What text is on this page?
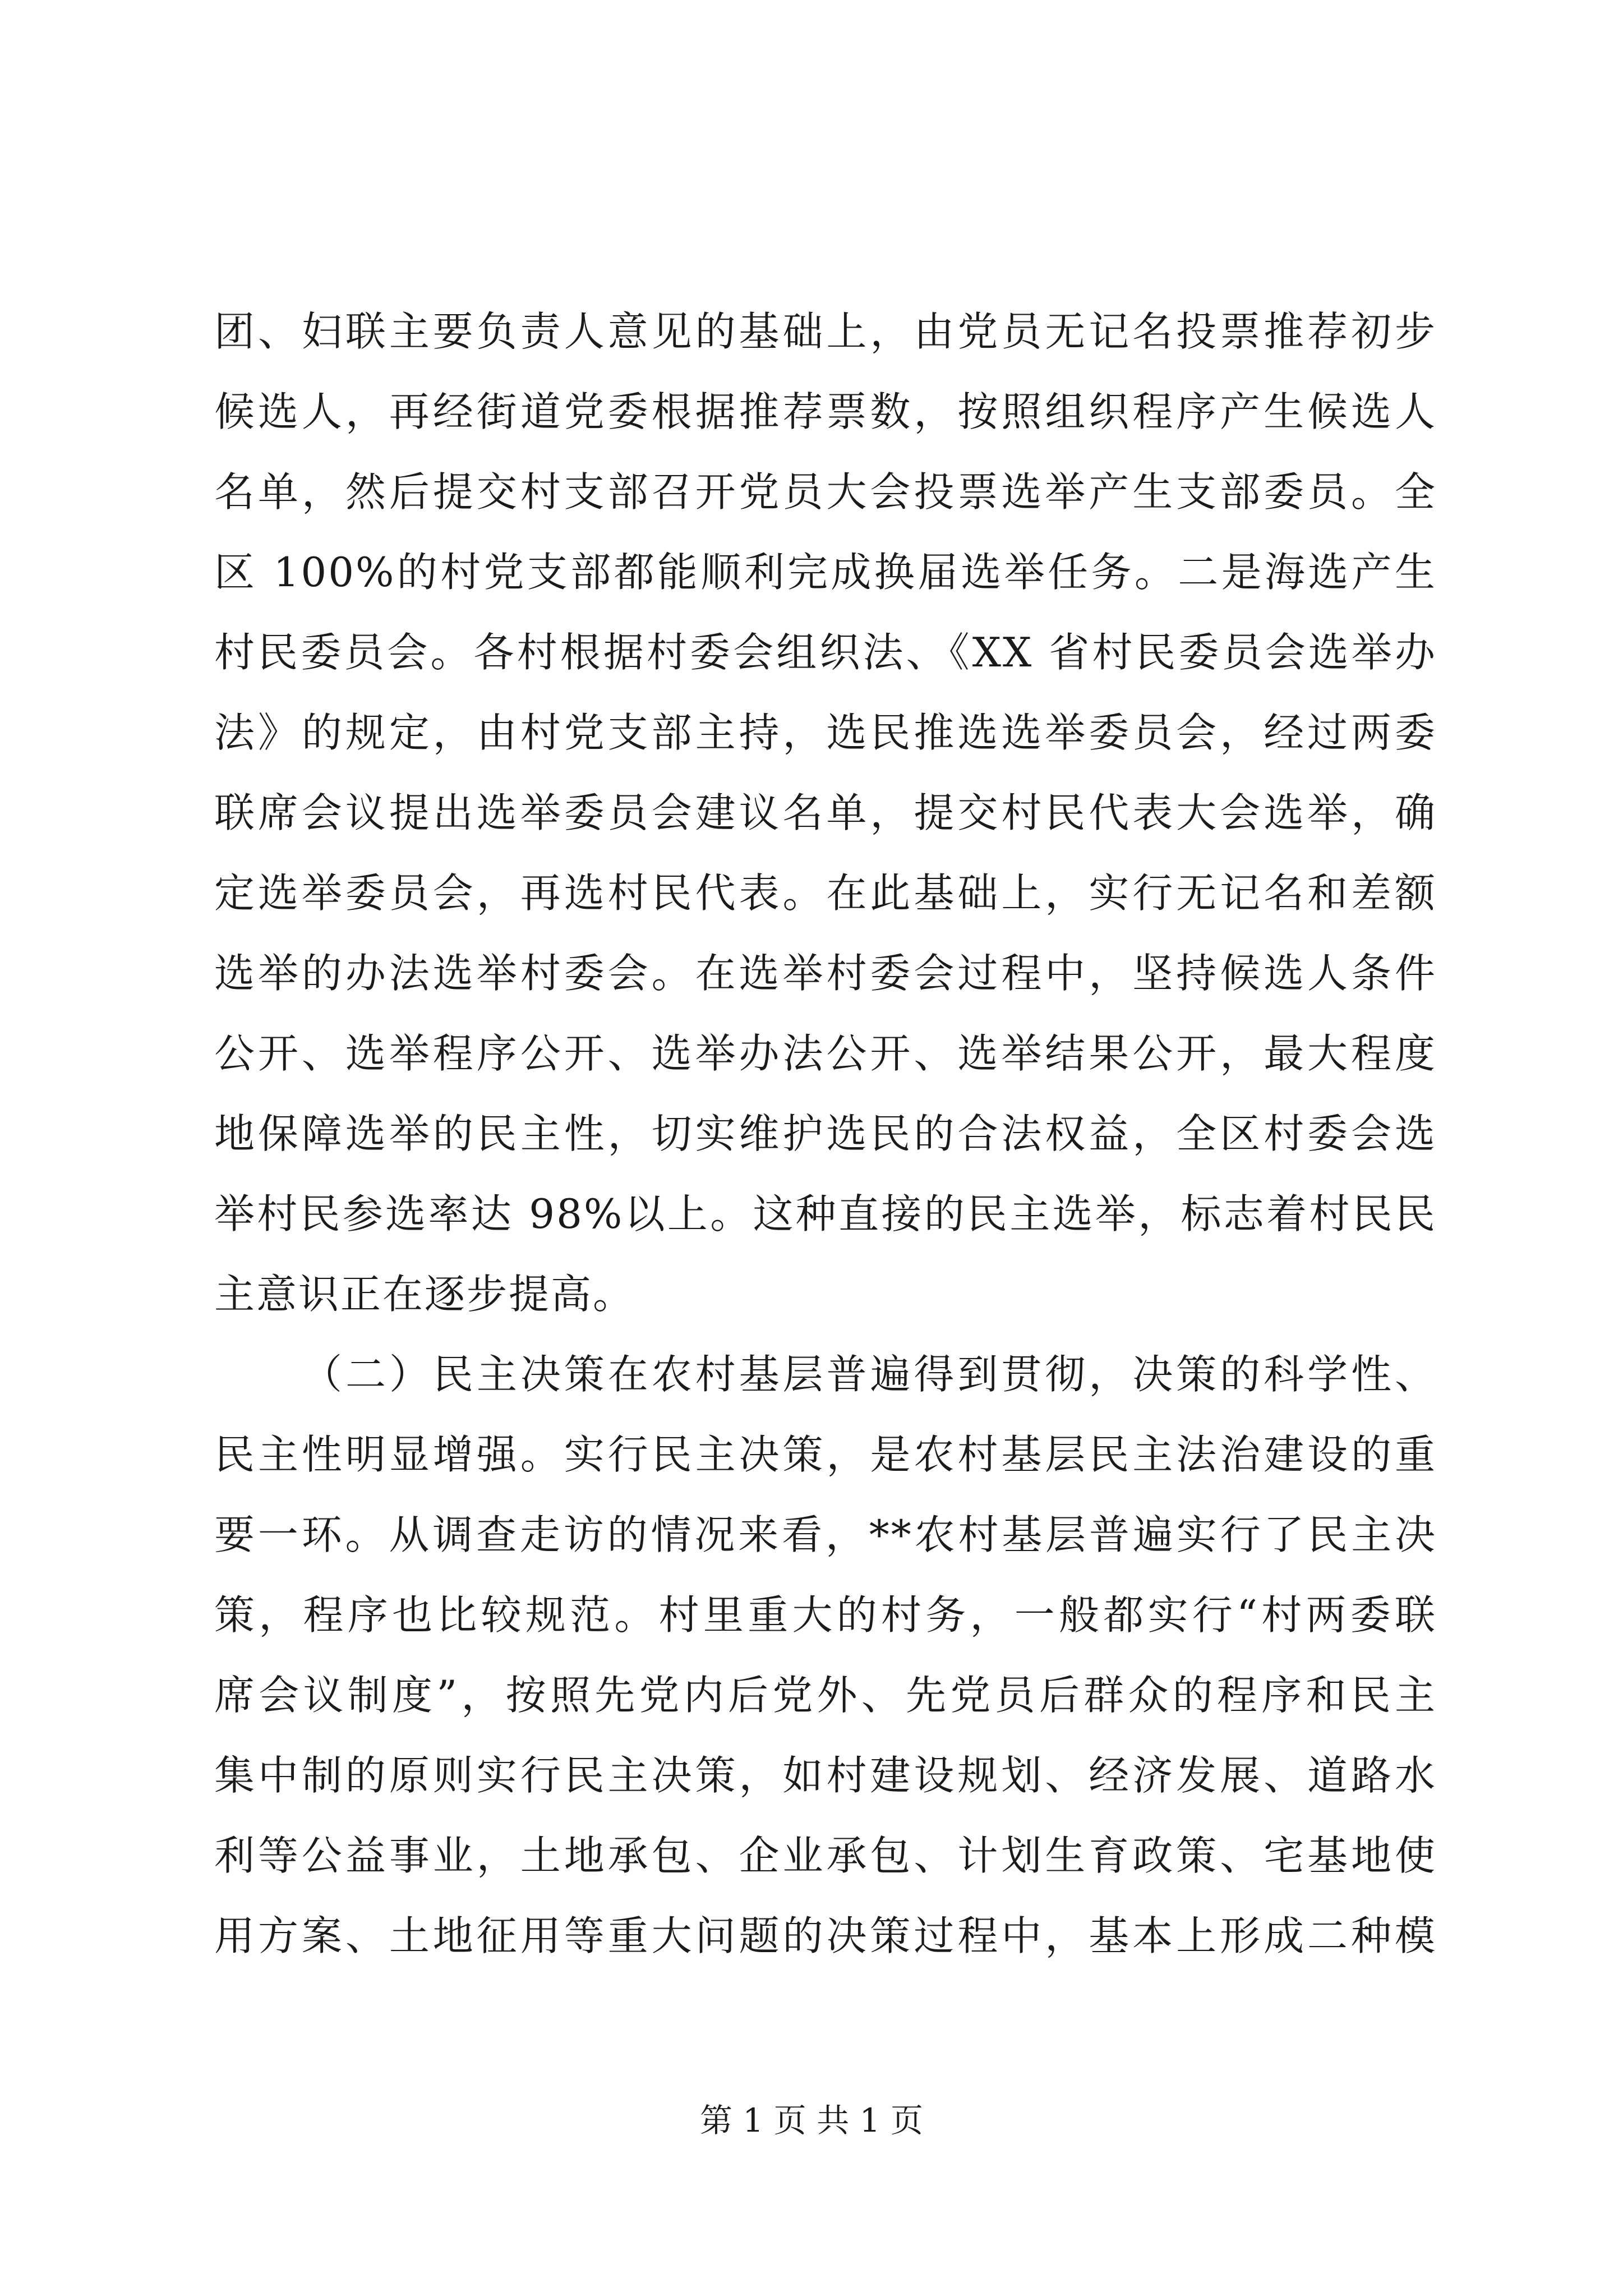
团、妇联主要负责人意见的基础上，由党员无记名投票推荐初步
候选人，再经街道党委根据推荐票数，按照组织程序产生候选人
名单，然后提交村支部召开党员大会投票选举产生支部委员。全
区 100%的村党支部都能顺利完成换届选举任务。二是海选产生
村民委员会。各村根据村委会组织法、《XX 省村民委员会选举办
法》的规定，由村党支部主持，选民推选选举委员会，经过两委
联席会议提出选举委员会建议名单，提交村民代表大会选举，确
定选举委员会，再选村民代表。在此基础上，实行无记名和差额
选举的办法选举村委会。在选举村委会过程中，坚持候选人条件
公开、选举程序公开、选举办法公开、选举结果公开，最大程度
地保障选举的民主性，切实维护选民的合法权益，全区村委会选
举村民参选率达 98%以上。这种直接的民主选举，标志着村民民
主意识正在逐步提高。
（二）民主决策在农村基层普遍得到贯彻，决策的科学性、
民主性明显增强。实行民主决策，是农村基层民主法治建设的重
要一环。从调查走访的情况来看，**农村基层普遍实行了民主决
策，程序也比较规范。村里重大的村务，一般都实行“村两委联
席会议制度”，按照先党内后党外、先党员后群众的程序和民主
集中制的原则实行民主决策，如村建设规划、经济发展、道路水
利等公益事业，土地承包、企业承包、计划生育政策、宅基地使
用方案、土地征用等重大问题的决策过程中，基本上形成二种模
第 1 页 共 1 页
